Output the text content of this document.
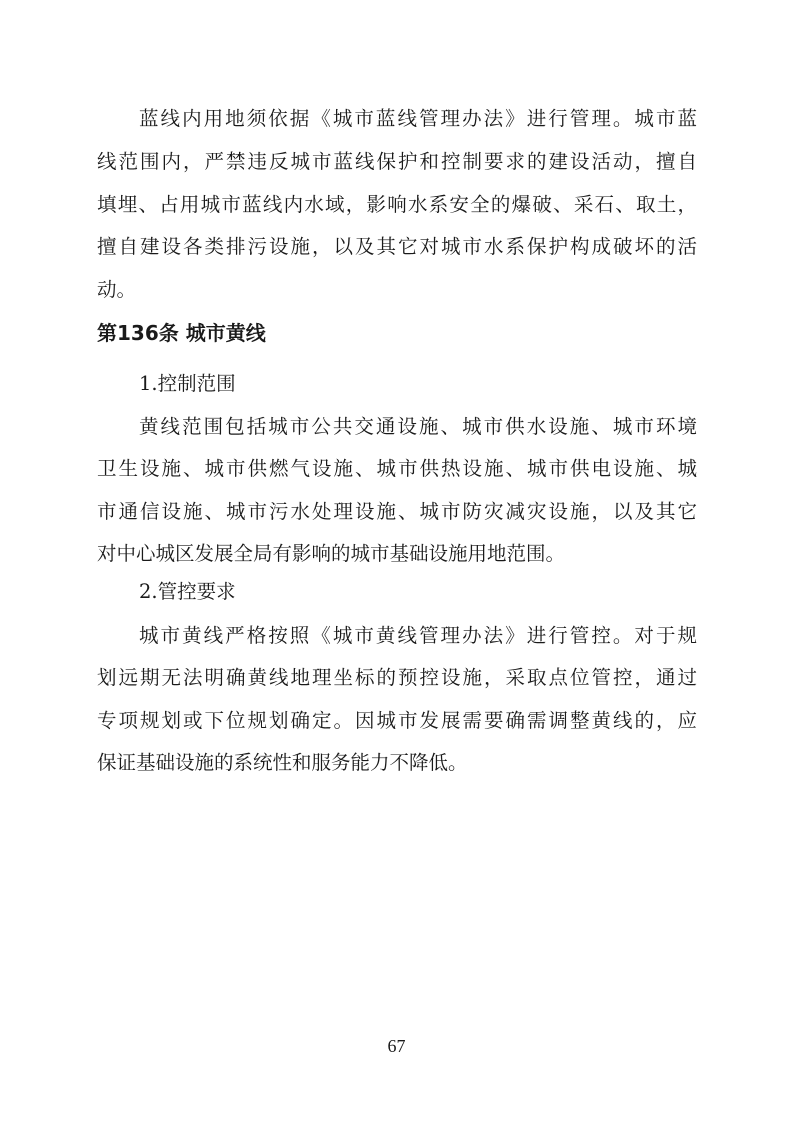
蓝线内用地须依据《城市蓝线管理办法》进行管理。城市蓝
线范围内，严禁违反城市蓝线保护和控制要求的建设活动，擅自
填埋、占用城市蓝线内水域，影响水系安全的爆破、采石、取土，
擅自建设各类排污设施，以及其它对城市水系保护构成破坏的活
动。
第136条 城市黄线
1.控制范围
黄线范围包括城市公共交通设施、城市供水设施、城市环境
卫生设施、城市供燃气设施、城市供热设施、城市供电设施、城
市通信设施、城市污水处理设施、城市防灾减灾设施，以及其它
对中心城区发展全局有影响的城市基础设施用地范围。
2.管控要求
城市黄线严格按照《城市黄线管理办法》进行管控。对于规
划远期无法明确黄线地理坐标的预控设施，采取点位管控，通过
专项规划或下位规划确定。因城市发展需要确需调整黄线的，应
保证基础设施的系统性和服务能力不降低。
67
